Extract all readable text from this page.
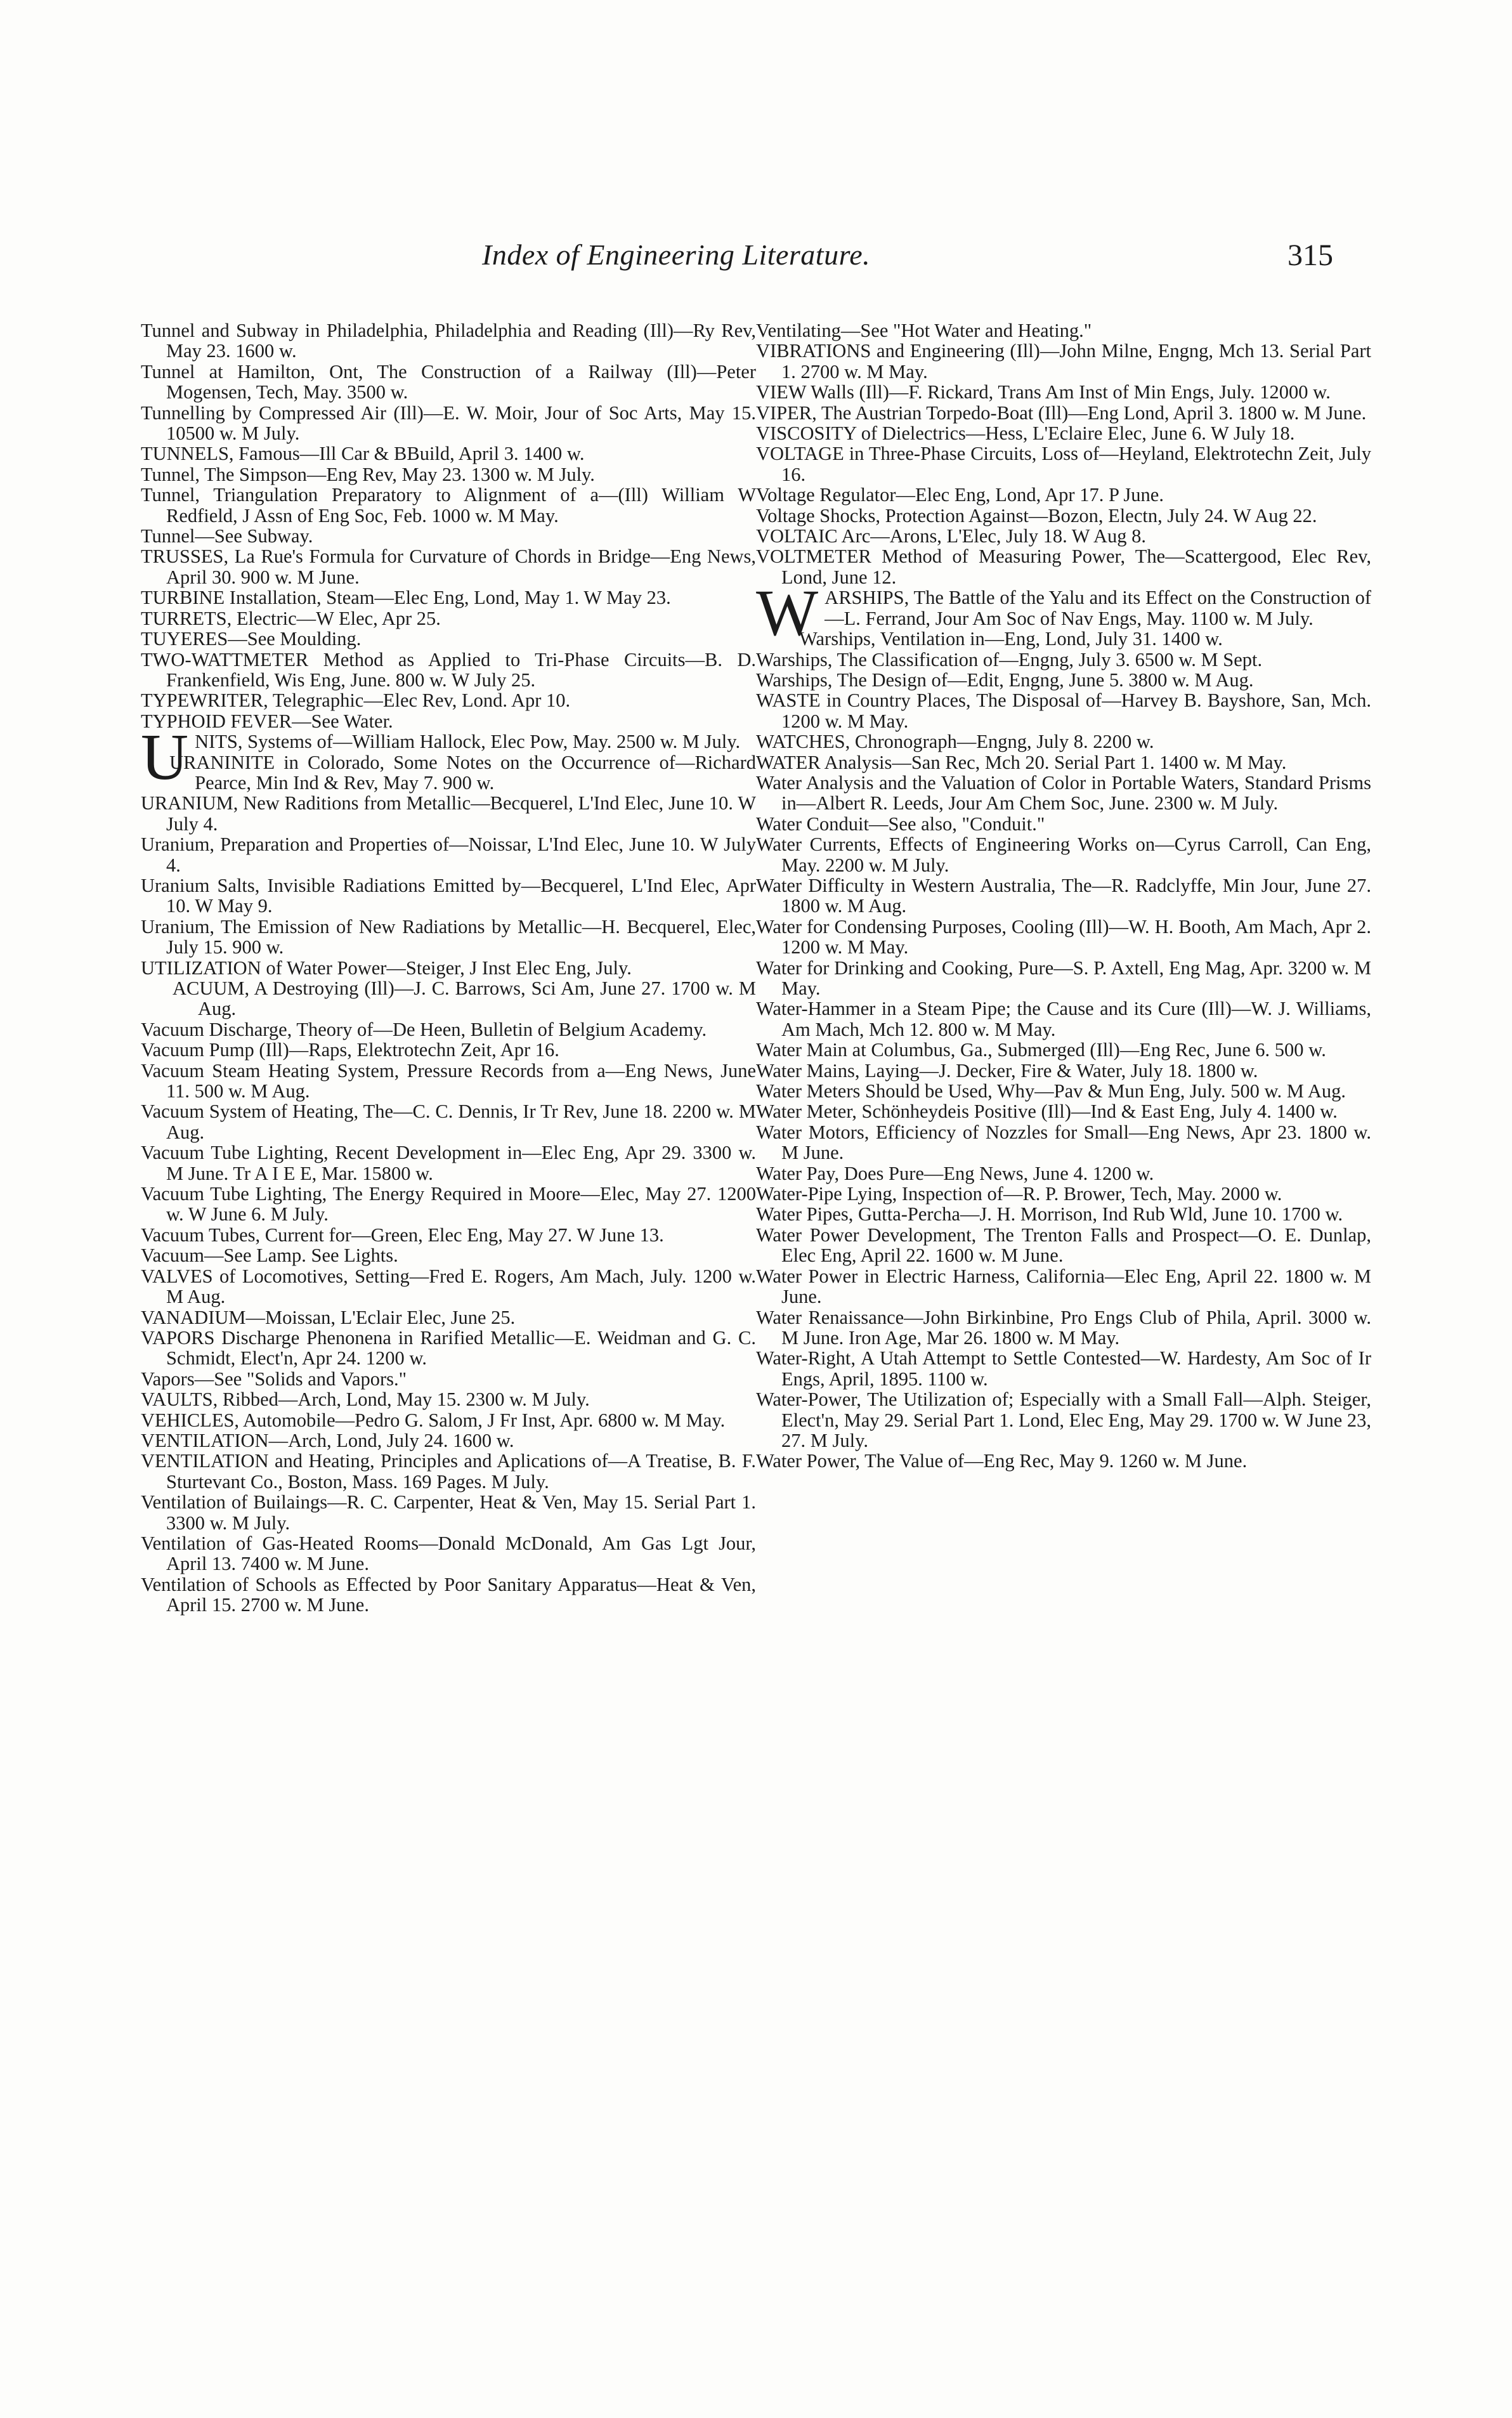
Index of Engineering Literature.	315

Tunnel and Subway in Philadelphia, Philadelphia and Reading (Ill)—Ry Rev, May 23. 1600 w.

Tunnel at Hamilton, Ont, The Construction of a Railway (Ill)—Peter Mogensen, Tech, May. 3500 w.

Tunnelling by Compressed Air (Ill)—E. W. Moir, Jour of Soc Arts, May 15. 10500 w. M July.

TUNNELS, Famous—Ill Car & BBuild, April 3. 1400 w.

Tunnel, The Simpson—Eng Rev, May 23. 1300 w. M July.

Tunnel, Triangulation Preparatory to Alignment of a—(Ill) William W Redfield, J Assn of Eng Soc, Feb. 1000 w. M May.

Tunnel—See Subway.

TRUSSES, La Rue's Formula for Curvature of Chords in Bridge—Eng News, April 30. 900 w. M June.

TURBINE Installation, Steam—Elec Eng, Lond, May 1. W May 23.

TURRETS, Electric—W Elec, Apr 25.

TUYERES—See Moulding.

TWO-WATTMETER Method as Applied to Tri-Phase Circuits—B. D. Frankenfield, Wis Eng, June. 800 w. W July 25.

TYPEWRITER, Telegraphic—Elec Rev, Lond. Apr 10.

TYPHOID FEVER—See Water.

UNITS, Systems of—William Hallock, Elec Pow, May. 2500 w. M July.

URANINITE in Colorado, Some Notes on the Occurrence of—Richard Pearce, Min Ind & Rev, May 7. 900 w.

URANIUM, New Raditions from Metallic—Becquerel, L'Ind Elec, June 10. W July 4.

Uranium, Preparation and Properties of—Noissar, L'Ind Elec, June 10. W July 4.

Uranium Salts, Invisible Radiations Emitted by—Becquerel, L'Ind Elec, Apr 10. W May 9.

Uranium, The Emission of New Radiations by Metallic—H. Becquerel, Elec, July 15. 900 w.

UTILIZATION of Water Power—Steiger, J Inst Elec Eng, July.

ACUUM, A Destroying (Ill)—J. C. Barrows, Sci Am, June 27. 1700 w. M Aug.

Vacuum Discharge, Theory of—De Heen, Bulletin of Belgium Academy.

Vacuum Pump (Ill)—Raps, Elektrotechn Zeit, Apr 16.

Vacuum Steam Heating System, Pressure Records from a—Eng News, June 11. 500 w. M Aug.

Vacuum System of Heating, The—C. C. Dennis, Ir Tr Rev, June 18. 2200 w. M Aug.

Vacuum Tube Lighting, Recent Development in—Elec Eng, Apr 29. 3300 w. M June. Tr A I E E, Mar. 15800 w.

Vacuum Tube Lighting, The Energy Required in Moore—Elec, May 27. 1200 w. W June 6. M July.

Vacuum Tubes, Current for—Green, Elec Eng, May 27. W June 13.

Vacuum—See Lamp. See Lights.

VALVES of Locomotives, Setting—Fred E. Rogers, Am Mach, July. 1200 w. M Aug.

VANADIUM—Moissan, L'Eclair Elec, June 25.

VAPORS Discharge Phenonena in Rarified Metallic—E. Weidman and G. C. Schmidt, Elect'n, Apr 24. 1200 w.

Vapors—See "Solids and Vapors."

VAULTS, Ribbed—Arch, Lond, May 15. 2300 w. M July.

VEHICLES, Automobile—Pedro G. Salom, J Fr Inst, Apr. 6800 w. M May.

VENTILATION—Arch, Lond, July 24. 1600 w.

VENTILATION and Heating, Principles and Aplications of—A Treatise, B. F. Sturtevant Co., Boston, Mass. 169 Pages. M July.

Ventilation of Builaings—R. C. Carpenter, Heat & Ven, May 15. Serial Part 1. 3300 w. M July.

Ventilation of Gas-Heated Rooms—Donald McDonald, Am Gas Lgt Jour, April 13. 7400 w. M June.

Ventilation of Schools as Effected by Poor Sanitary Apparatus—Heat & Ven, April 15. 2700 w. M June.

Ventilating—See "Hot Water and Heating."

VIBRATIONS and Engineering (Ill)—John Milne, Engng, Mch 13. Serial Part 1. 2700 w. M May.

VIEW Walls (Ill)—F. Rickard, Trans Am Inst of Min Engs, July. 12000 w.

VIPER, The Austrian Torpedo-Boat (Ill)—Eng Lond, April 3. 1800 w. M June.

VISCOSITY of Dielectrics—Hess, L'Eclaire Elec, June 6. W July 18.

VOLTAGE in Three-Phase Circuits, Loss of—Heyland, Elektrotechn Zeit, July 16.

Voltage Regulator—Elec Eng, Lond, Apr 17. P June.

Voltage Shocks, Protection Against—Bozon, Electn, July 24. W Aug 22.

VOLTAIC Arc—Arons, L'Elec, July 18. W Aug 8.

VOLTMETER Method of Measuring Power, The—Scattergood, Elec Rev, Lond, June 12.

WARSHIPS, The Battle of the Yalu and its Effect on the Construction of—L. Ferrand, Jour Am Soc of Nav Engs, May. 1100 w. M July.

Warships, Ventilation in—Eng, Lond, July 31. 1400 w.

Warships, The Classification of—Engng, July 3. 6500 w. M Sept.

Warships, The Design of—Edit, Engng, June 5. 3800 w. M Aug.

WASTE in Country Places, The Disposal of—Harvey B. Bayshore, San, Mch. 1200 w. M May.

WATCHES, Chronograph—Engng, July 8. 2200 w.

WATER Analysis—San Rec, Mch 20. Serial Part 1. 1400 w. M May.

Water Analysis and the Valuation of Color in Portable Waters, Standard Prisms in—Albert R. Leeds, Jour Am Chem Soc, June. 2300 w. M July.

Water Conduit—See also, "Conduit."

Water Currents, Effects of Engineering Works on—Cyrus Carroll, Can Eng, May. 2200 w. M July.

Water Difficulty in Western Australia, The—R. Radclyffe, Min Jour, June 27. 1800 w. M Aug.

Water for Condensing Purposes, Cooling (Ill)—W. H. Booth, Am Mach, Apr 2. 1200 w. M May.

Water for Drinking and Cooking, Pure—S. P. Axtell, Eng Mag, Apr. 3200 w. M May.

Water-Hammer in a Steam Pipe; the Cause and its Cure (Ill)—W. J. Williams, Am Mach, Mch 12. 800 w. M May.

Water Main at Columbus, Ga., Submerged (Ill)—Eng Rec, June 6. 500 w.

Water Mains, Laying—J. Decker, Fire & Water, July 18. 1800 w.

Water Meters Should be Used, Why—Pav & Mun Eng, July. 500 w. M Aug.

Water Meter, Schönheydeis Positive (Ill)—Ind & East Eng, July 4. 1400 w.

Water Motors, Efficiency of Nozzles for Small—Eng News, Apr 23. 1800 w. M June.

Water Pay, Does Pure—Eng News, June 4. 1200 w.

Water-Pipe Lying, Inspection of—R. P. Brower, Tech, May. 2000 w.

Water Pipes, Gutta-Percha—J. H. Morrison, Ind Rub Wld, June 10. 1700 w.

Water Power Development, The Trenton Falls and Prospect—O. E. Dunlap, Elec Eng, April 22. 1600 w. M June.

Water Power in Electric Harness, California—Elec Eng, April 22. 1800 w. M June.

Water Renaissance—John Birkinbine, Pro Engs Club of Phila, April. 3000 w. M June. Iron Age, Mar 26. 1800 w. M May.

Water-Right, A Utah Attempt to Settle Contested—W. Hardesty, Am Soc of Ir Engs, April, 1895. 1100 w.

Water-Power, The Utilization of; Especially with a Small Fall—Alph. Steiger, Elect'n, May 29. Serial Part 1. Lond, Elec Eng, May 29. 1700 w. W June 23, 27. M July.

Water Power, The Value of—Eng Rec, May 9. 1260 w. M June.
